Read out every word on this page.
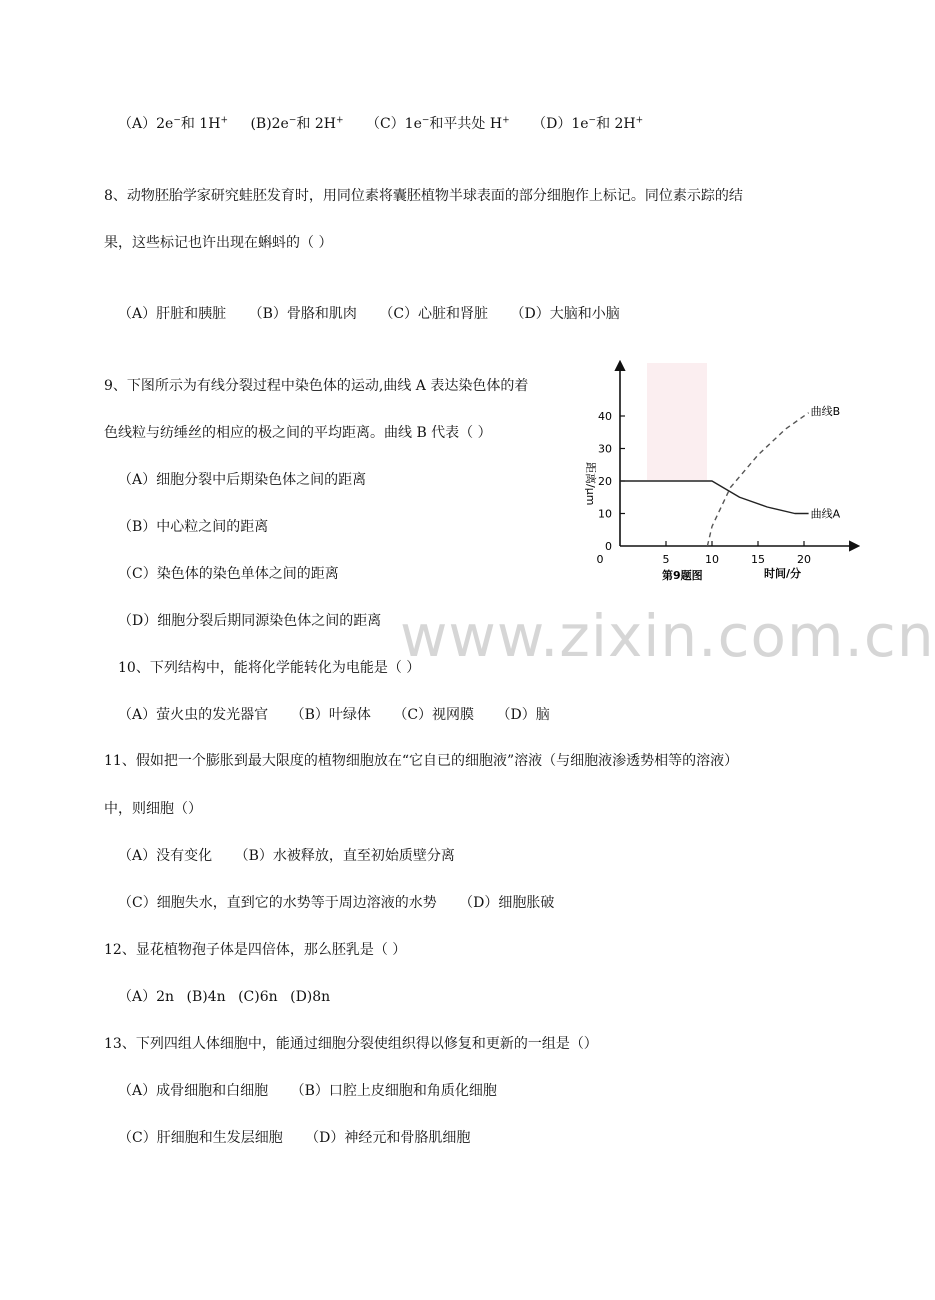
（A）2e−和 1H+ (B)2e−和 2H+ （C）1e−和平共处 H+ （D）1e−和 2H+
8、动物胚胎学家研究蛙胚发育时，用同位素将囊胚植物半球表面的部分细胞作上标记。同位素示踪的结
果，这些标记也许出现在蝌蚪的（ ）
（A）肝脏和胰脏 （B）骨胳和肌肉 （C）心脏和肾脏 （D）大脑和小脑
9、下图所示为有线分裂过程中染色体的运动,曲线 A 表达染色体的着
色线粒与纺缍丝的相应的极之间的平均距离。曲线 B 代表（ ）
（A）细胞分裂中后期染色体之间的距离
（B）中心粒之间的距离
（C）染色体的染色单体之间的距离
（D）细胞分裂后期同源染色体之间的距离
0	5	10	15	20
0
10
20
30
40
曲线A
曲线B
距离/μm
第9题图	时间/分
www.zixin.com.cn
10、下列结构中，能将化学能转化为电能是（ ）
（A）萤火虫的发光器官 （B）叶绿体 （C）视网膜 （D）脑
11、假如把一个膨胀到最大限度的植物细胞放在“它自已的细胞液”溶液（与细胞液渗透势相等的溶液）
中，则细胞（）
（A）没有变化 （B）水被释放，直至初始质壁分离
（C）细胞失水，直到它的水势等于周边溶液的水势 （D）细胞胀破
12、显花植物孢子体是四倍体，那么胚乳是（ ）
（A）2n (B)4n (C)6n (D)8n
13、下列四组人体细胞中，能通过细胞分裂使组织得以修复和更新的一组是（）
（A）成骨细胞和白细胞 （B）口腔上皮细胞和角质化细胞
（C）肝细胞和生发层细胞 （D）神经元和骨胳肌细胞
